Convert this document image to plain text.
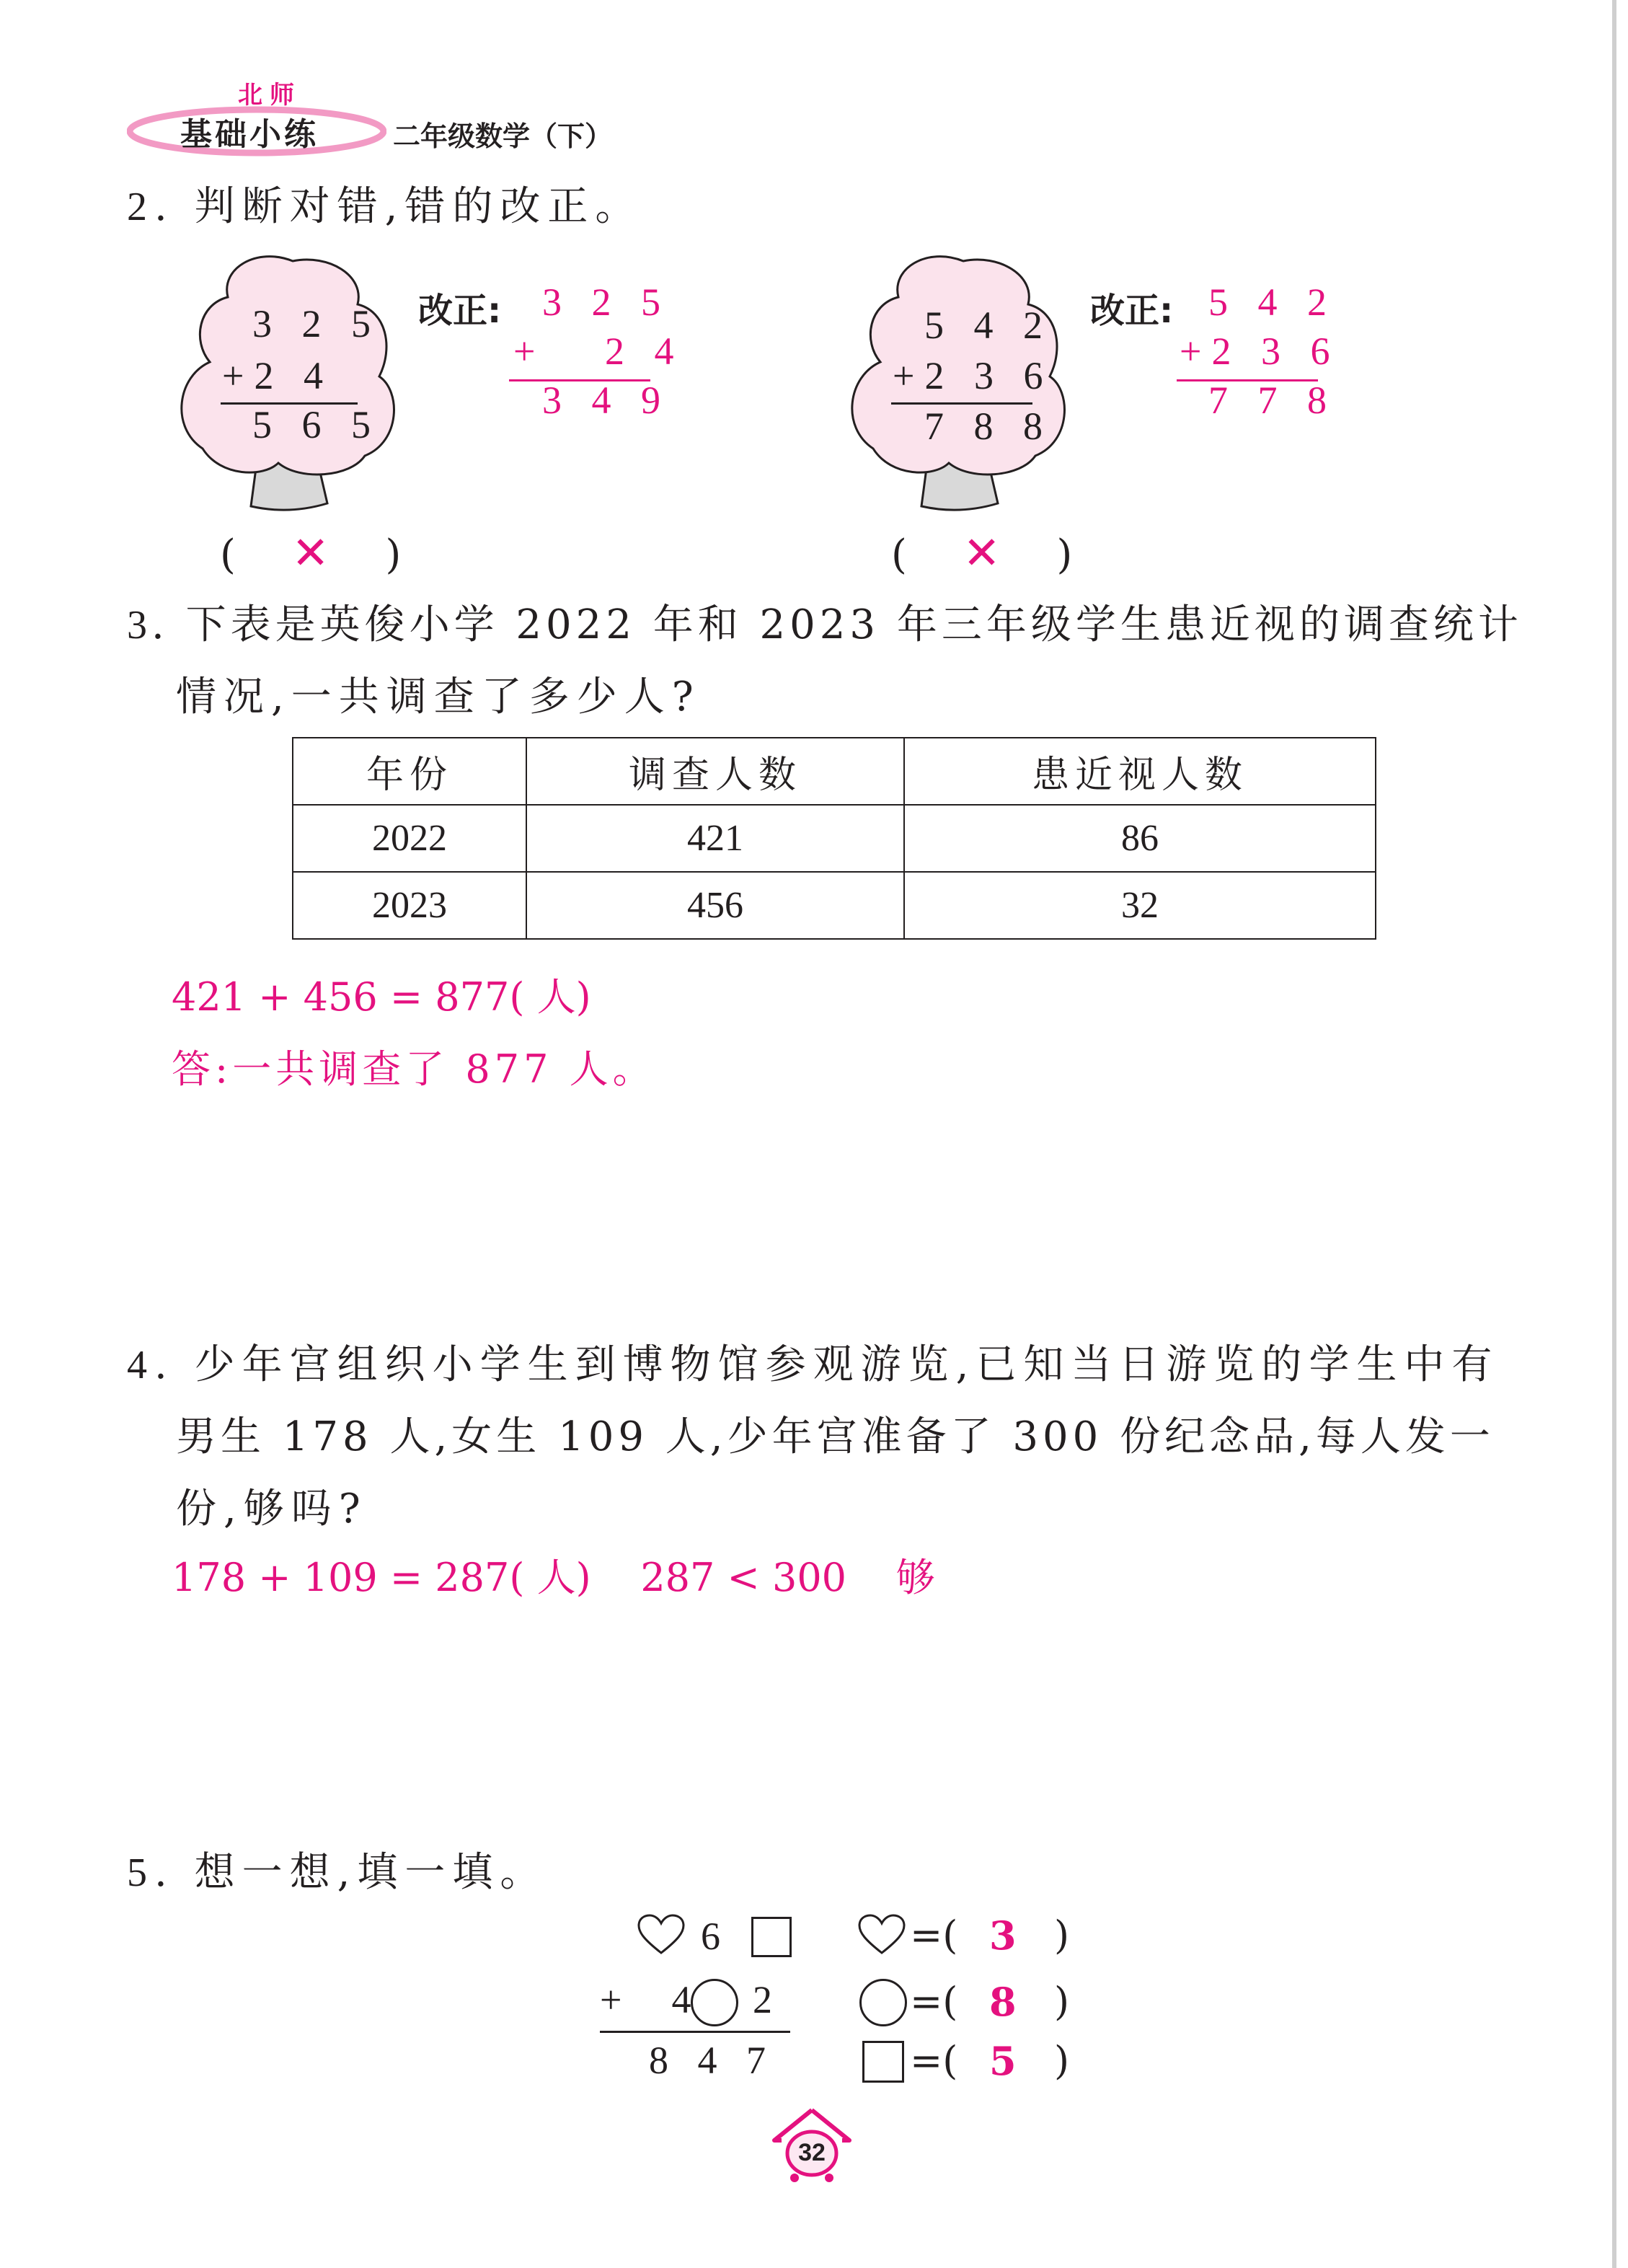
北师
基础小练	二年级数学（下）
2. 判断对错,错的改正。
3 2 5
+2 4
5 6 5
( ✕ )
改正: 3 2 5
+   2 4
3 4 9
5 4 2
+2 3 6
7 8 8
( ✕ )
改正: 5 4 2
+2 3 6
7 7 8
3. 下表是英俊小学 2022 年和 2023 年三年级学生患近视的调查统计
情况,一共调查了多少人?
年份	调查人数	患近视人数
2022	421	86
2023	456	32
421 + 456 = 877( 人)
答:一共调查了 877 人。
4. 少年宫组织小学生到博物馆参观游览,已知当日游览的学生中有
男生 178 人,女生 109 人,少年宫准备了 300 份纪念品,每人发一
份,够吗?
178 + 109 = 287( 人)    287 < 300    够
5. 想一想,填一填。
6
+  4 2
8   4   7
=( 3 )
=( 8 )
=( 5 )
32
